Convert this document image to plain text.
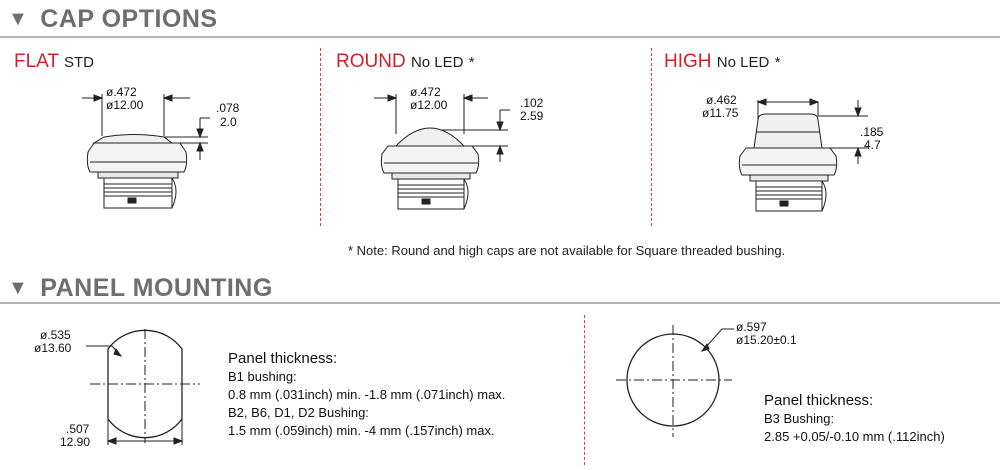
▼ CAP OPTIONS
FLAT STD	ROUND No LED *	HIGH No LED *
ø.472
ø12.00	.078
2.0
ø.472
ø12.00	.102
2.59
ø.462
ø11.75
.185
4.7
* Note: Round and high caps are not available for Square threaded bushing.
▼ PANEL MOUNTING
ø.535
ø13.60
.507
12.90
Panel thickness:
B1 bushing:
0.8 mm (.031inch) min. -1.8 mm (.071inch) max.
B2, B6, D1, D2 Bushing:
1.5 mm (.059inch) min. -4 mm (.157inch) max.
ø.597
ø15.20±0.1
Panel thickness:
B3 Bushing:
2.85 +0.05/-0.10 mm (.112inch)
